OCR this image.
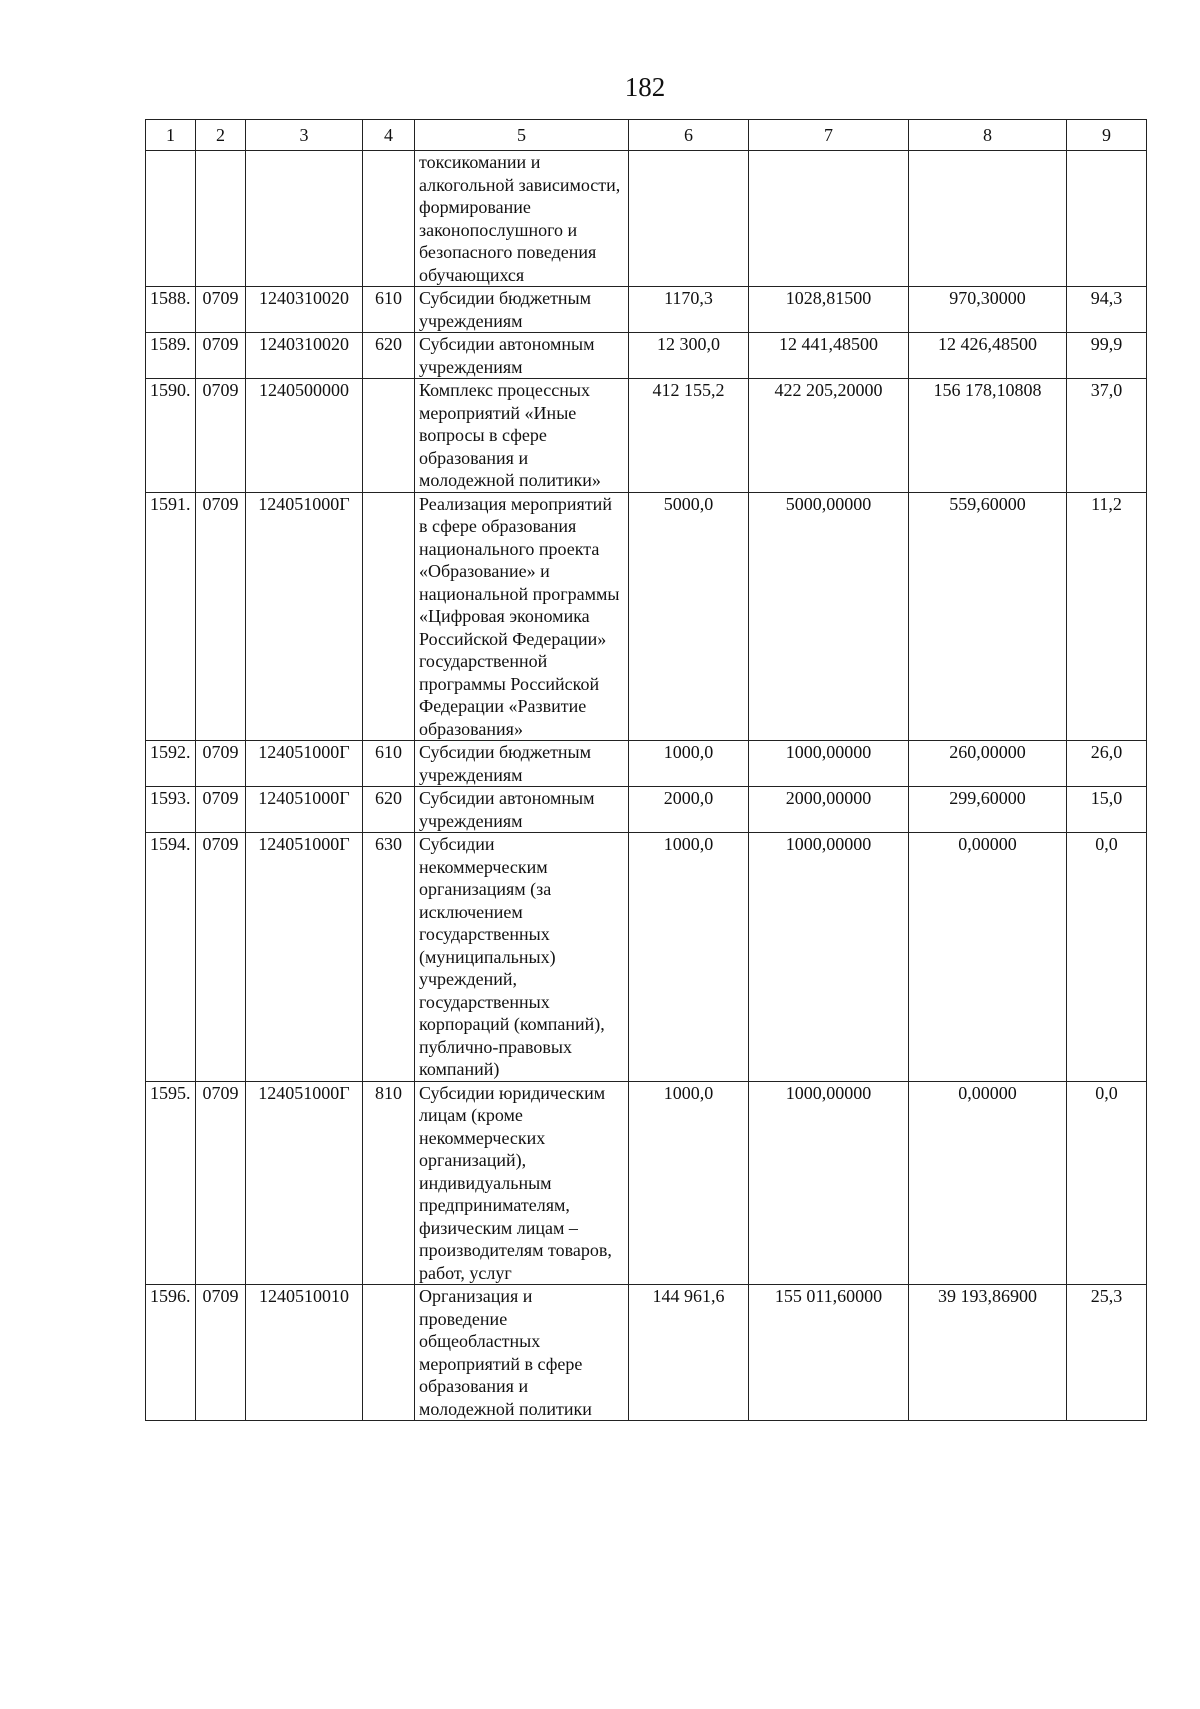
182
1	2	3	4	5	6	7	8	9
				токсикомании и алкогольной зависимости, формирование законопослушного и безопасного поведения обучающихся				
1588.	0709	1240310020	610	Субсидии бюджетным учреждениям	1170,3	1028,81500	970,30000	94,3
1589.	0709	1240310020	620	Субсидии автономным учреждениям	12 300,0	12 441,48500	12 426,48500	99,9
1590.	0709	1240500000		Комплекс процессных мероприятий «Иные вопросы в сфере образования и молодежной политики»	412 155,2	422 205,20000	156 178,10808	37,0
1591.	0709	124051000Г		Реализация мероприятий в сфере образования национального проекта «Образование» и национальной программы «Цифровая экономика Российской Федерации» государственной программы Российской Федерации «Развитие образования»	5000,0	5000,00000	559,60000	11,2
1592.	0709	124051000Г	610	Субсидии бюджетным учреждениям	1000,0	1000,00000	260,00000	26,0
1593.	0709	124051000Г	620	Субсидии автономным учреждениям	2000,0	2000,00000	299,60000	15,0
1594.	0709	124051000Г	630	Субсидии некоммерческим организациям (за исключением государственных (муниципальных) учреждений, государственных корпораций (компаний), публично-правовых компаний)	1000,0	1000,00000	0,00000	0,0
1595.	0709	124051000Г	810	Субсидии юридическим лицам (кроме некоммерческих организаций), индивидуальным предпринимателям, физическим лицам – производителям товаров, работ, услуг	1000,0	1000,00000	0,00000	0,0
1596.	0709	1240510010		Организация и проведение общеобластных мероприятий в сфере образования и молодежной политики	144 961,6	155 011,60000	39 193,86900	25,3
